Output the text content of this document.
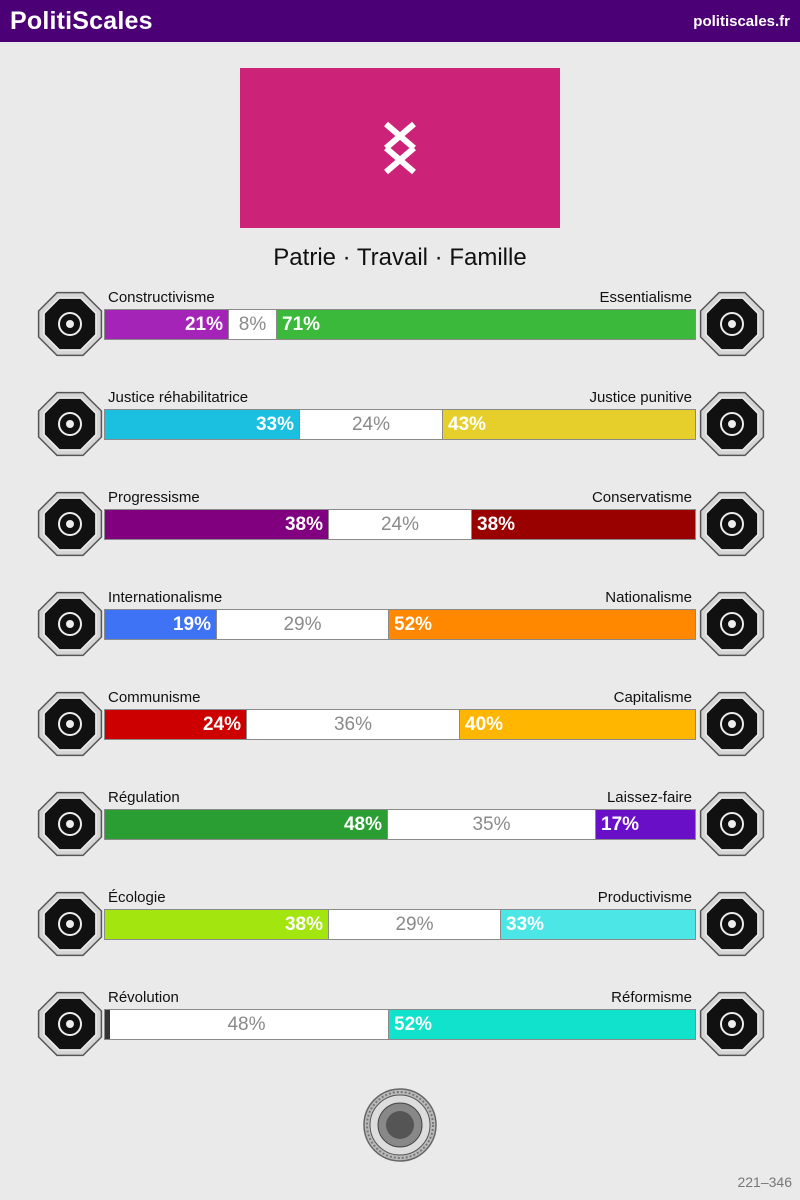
PolitiScales	politiscales.fr
Patrie · Travail · Famille
Constructivisme	Essentialisme
21% 8% 71%
Justice réhabilitatrice	Justice punitive
33%	24%	43%
Progressisme	Conservatisme
38%	24%	38%
Internationalisme	Nationalisme
19%	29%	52%
Communisme	Capitalisme
24%	36%	40%
Régulation	Laissez-faire
48%	35%	17%
Écologie	Productivisme
38%	29%	33%
Révolution	Réformisme
48%	52%
221–346
